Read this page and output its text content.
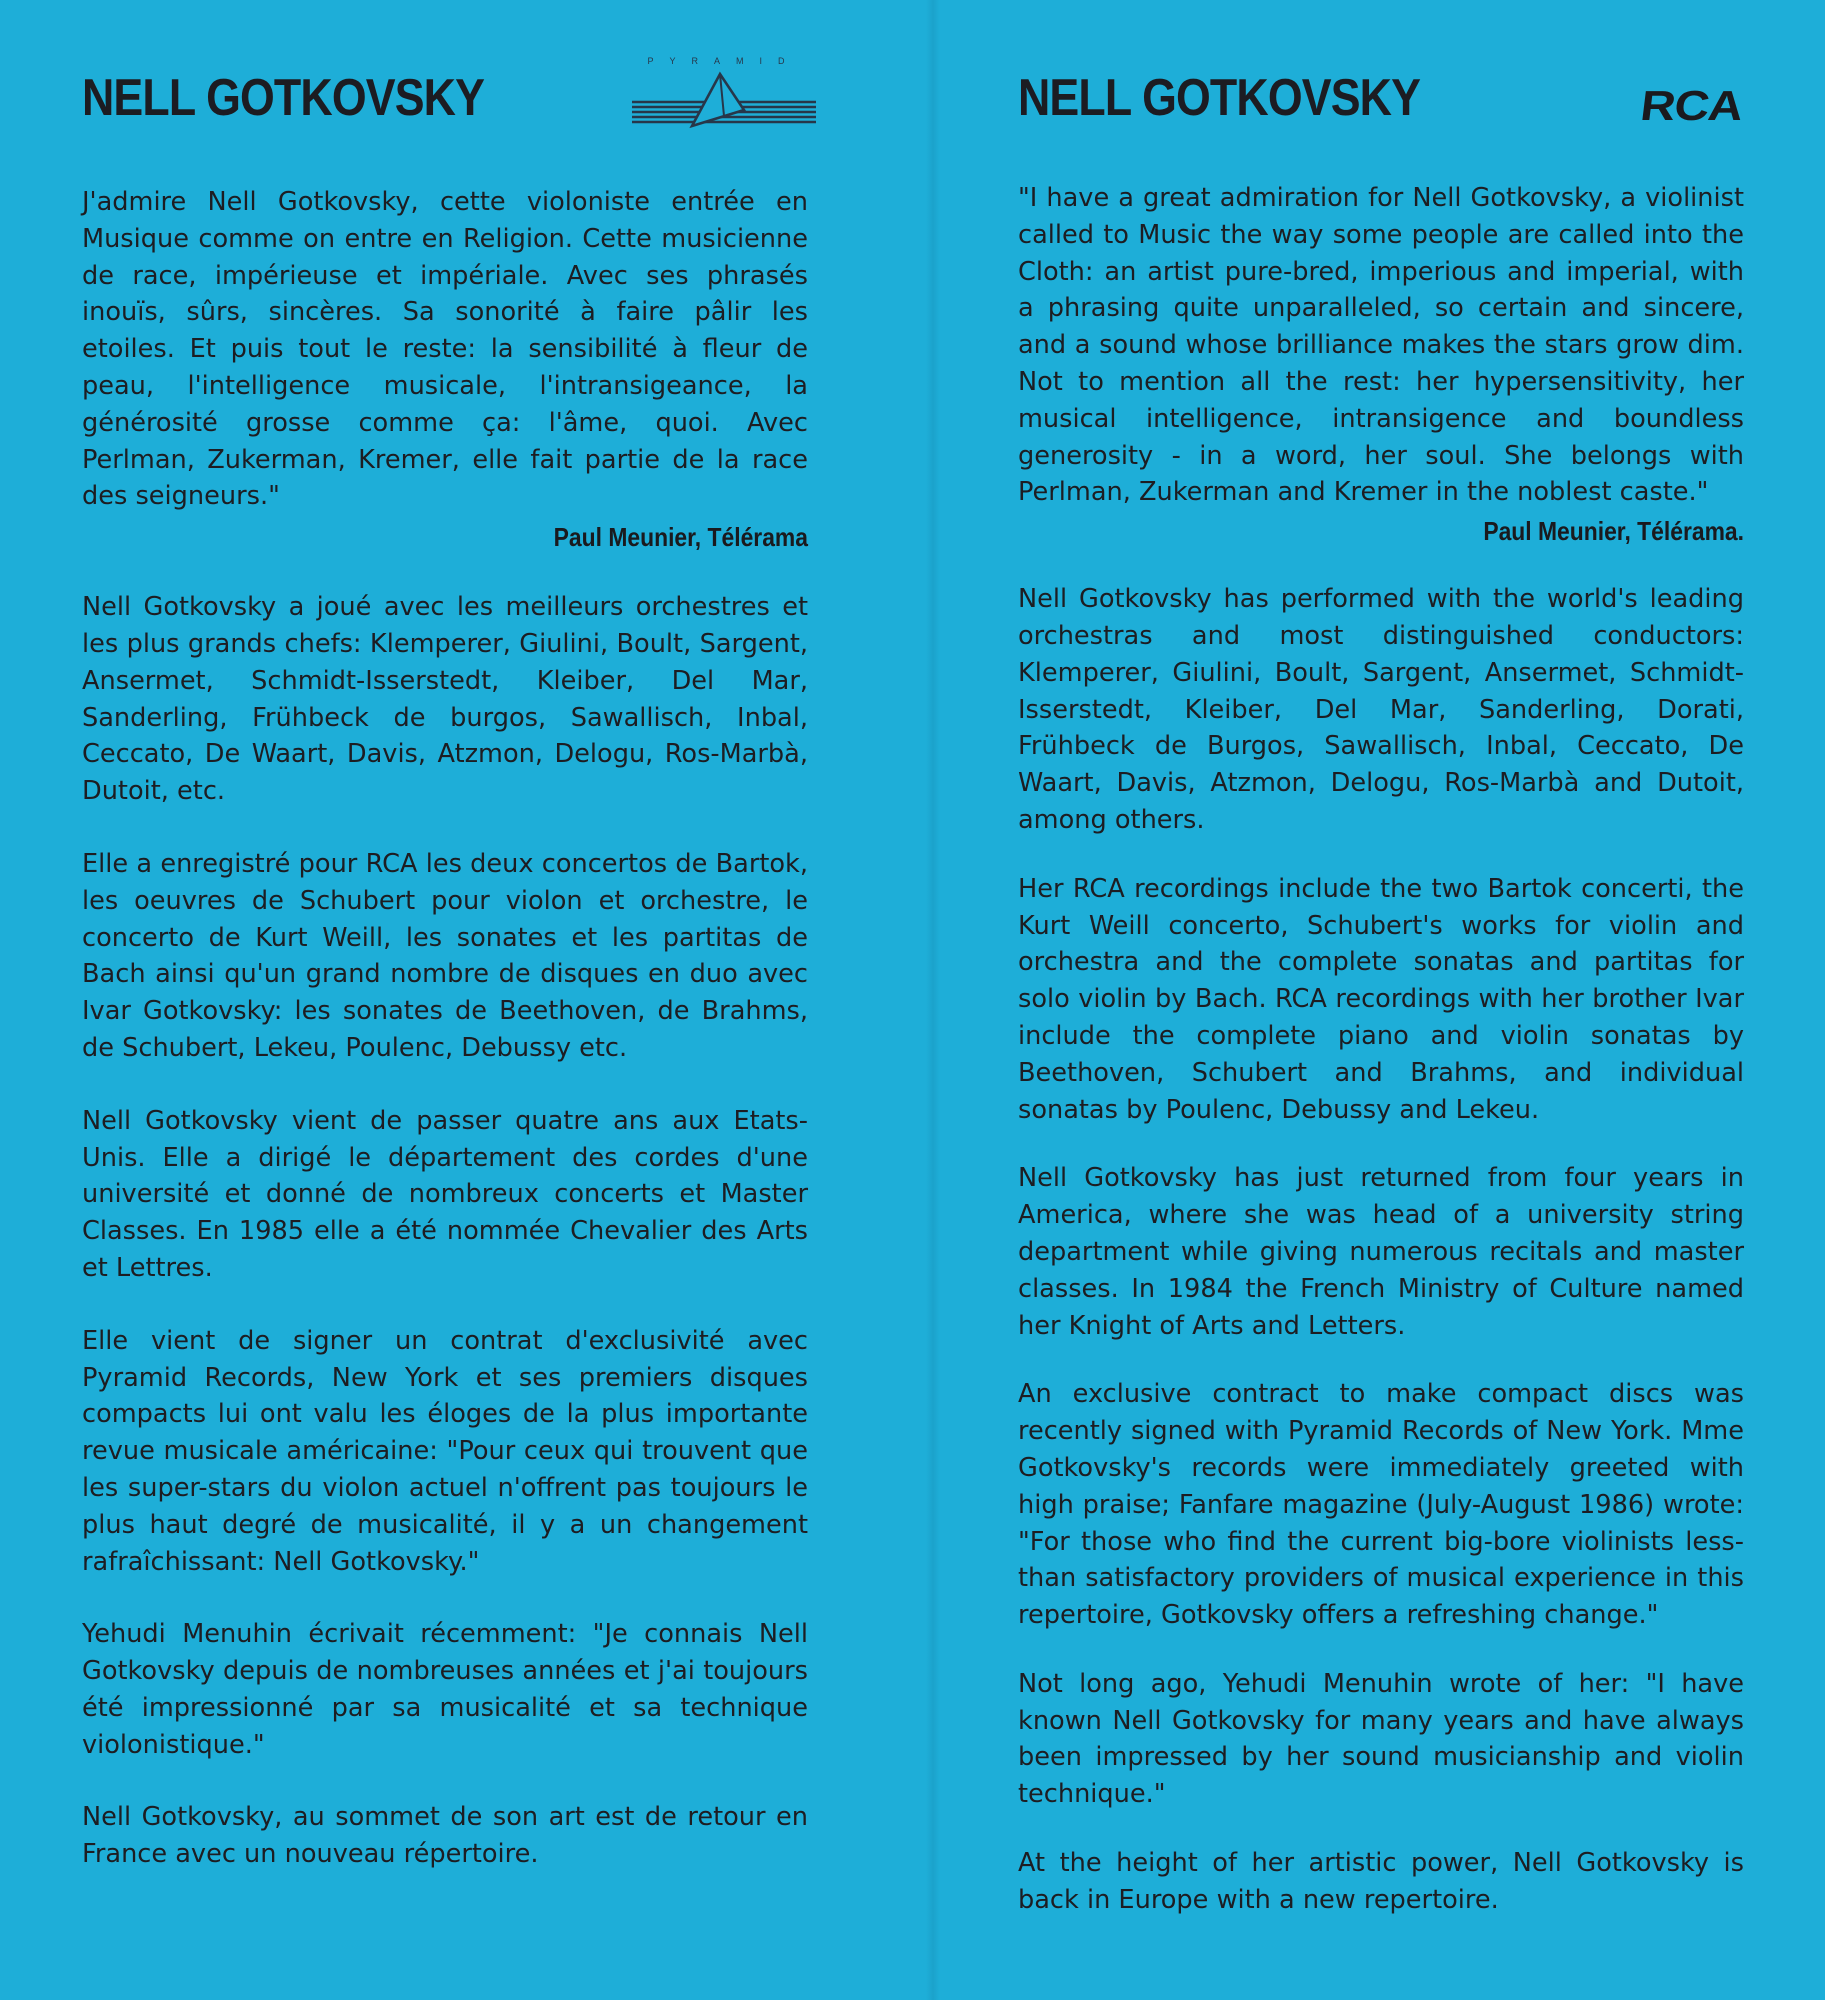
NELL GOTKOVSKY
PYRAMID

J'admire Nell Gotkovsky, cette violoniste entrée en Musique comme on entre en Religion. Cette musicienne de race, impérieuse et impériale. Avec ses phrasés inouïs, sûrs, sincères. Sa sonorité à faire pâlir les etoiles. Et puis tout le reste: la sensibilité à fleur de peau, l'intelligence musicale, l'intransigeance, la générosité grosse comme ça: l'âme, quoi. Avec Perlman, Zukerman, Kremer, elle fait partie de la race des seigneurs."

Paul Meunier, Télérama

Nell Gotkovsky a joué avec les meilleurs orchestres et les plus grands chefs: Klemperer, Giulini, Boult, Sargent, Ansermet, Schmidt-Isserstedt, Kleiber, Del Mar, Sanderling, Frühbeck de burgos, Sawallisch, Inbal, Ceccato, De Waart, Davis, Atzmon, Delogu, Ros-Marbà, Dutoit, etc.

Elle a enregistré pour RCA les deux concertos de Bartok, les oeuvres de Schubert pour violon et orchestre, le concerto de Kurt Weill, les sonates et les partitas de Bach ainsi qu'un grand nombre de disques en duo avec Ivar Gotkovsky: les sonates de Beethoven, de Brahms, de Schubert, Lekeu, Poulenc, Debussy etc.

Nell Gotkovsky vient de passer quatre ans aux Etats-Unis. Elle a dirigé le département des cordes d'une université et donné de nombreux concerts et Master Classes. En 1985 elle a été nommée Chevalier des Arts et Lettres.

Elle vient de signer un contrat d'exclusivité avec Pyramid Records, New York et ses premiers disques compacts lui ont valu les éloges de la plus importante revue musicale américaine: "Pour ceux qui trouvent que les super-stars du violon actuel n'offrent pas toujours le plus haut degré de musicalité, il y a un changement rafraîchissant: Nell Gotkovsky."

Yehudi Menuhin écrivait récemment: "Je connais Nell Gotkovsky depuis de nombreuses années et j'ai toujours été impressionné par sa musicalité et sa technique violonistique."

Nell Gotkovsky, au sommet de son art est de retour en France avec un nouveau répertoire.

NELL GOTKOVSKY	RCA

"I have a great admiration for Nell Gotkovsky, a violinist called to Music the way some people are called into the Cloth: an artist pure-bred, imperious and imperial, with a phrasing quite unparalleled, so certain and sincere, and a sound whose brilliance makes the stars grow dim. Not to mention all the rest: her hypersensitivity, her musical intelligence, intransigence and boundless generosity - in a word, her soul. She belongs with Perlman, Zukerman and Kremer in the noblest caste."

Paul Meunier, Télérama.

Nell Gotkovsky has performed with the world's leading orchestras and most distinguished conductors: Klemperer, Giulini, Boult, Sargent, Ansermet, Schmidt-Isserstedt, Kleiber, Del Mar, Sanderling, Dorati, Frühbeck de Burgos, Sawallisch, Inbal, Ceccato, De Waart, Davis, Atzmon, Delogu, Ros-Marbà and Dutoit, among others.

Her RCA recordings include the two Bartok concerti, the Kurt Weill concerto, Schubert's works for violin and orchestra and the complete sonatas and partitas for solo violin by Bach. RCA recordings with her brother Ivar include the complete piano and violin sonatas by Beethoven, Schubert and Brahms, and individual sonatas by Poulenc, Debussy and Lekeu.

Nell Gotkovsky has just returned from four years in America, where she was head of a university string department while giving numerous recitals and master classes. In 1984 the French Ministry of Culture named her Knight of Arts and Letters.

An exclusive contract to make compact discs was recently signed with Pyramid Records of New York. Mme Gotkovsky's records were immediately greeted with high praise; Fanfare magazine (July-August 1986) wrote: "For those who find the current big-bore violinists less-than satisfactory providers of musical experience in this repertoire, Gotkovsky offers a refreshing change."

Not long ago, Yehudi Menuhin wrote of her: "I have known Nell Gotkovsky for many years and have always been impressed by her sound musicianship and violin technique."

At the height of her artistic power, Nell Gotkovsky is back in Europe with a new repertoire.
